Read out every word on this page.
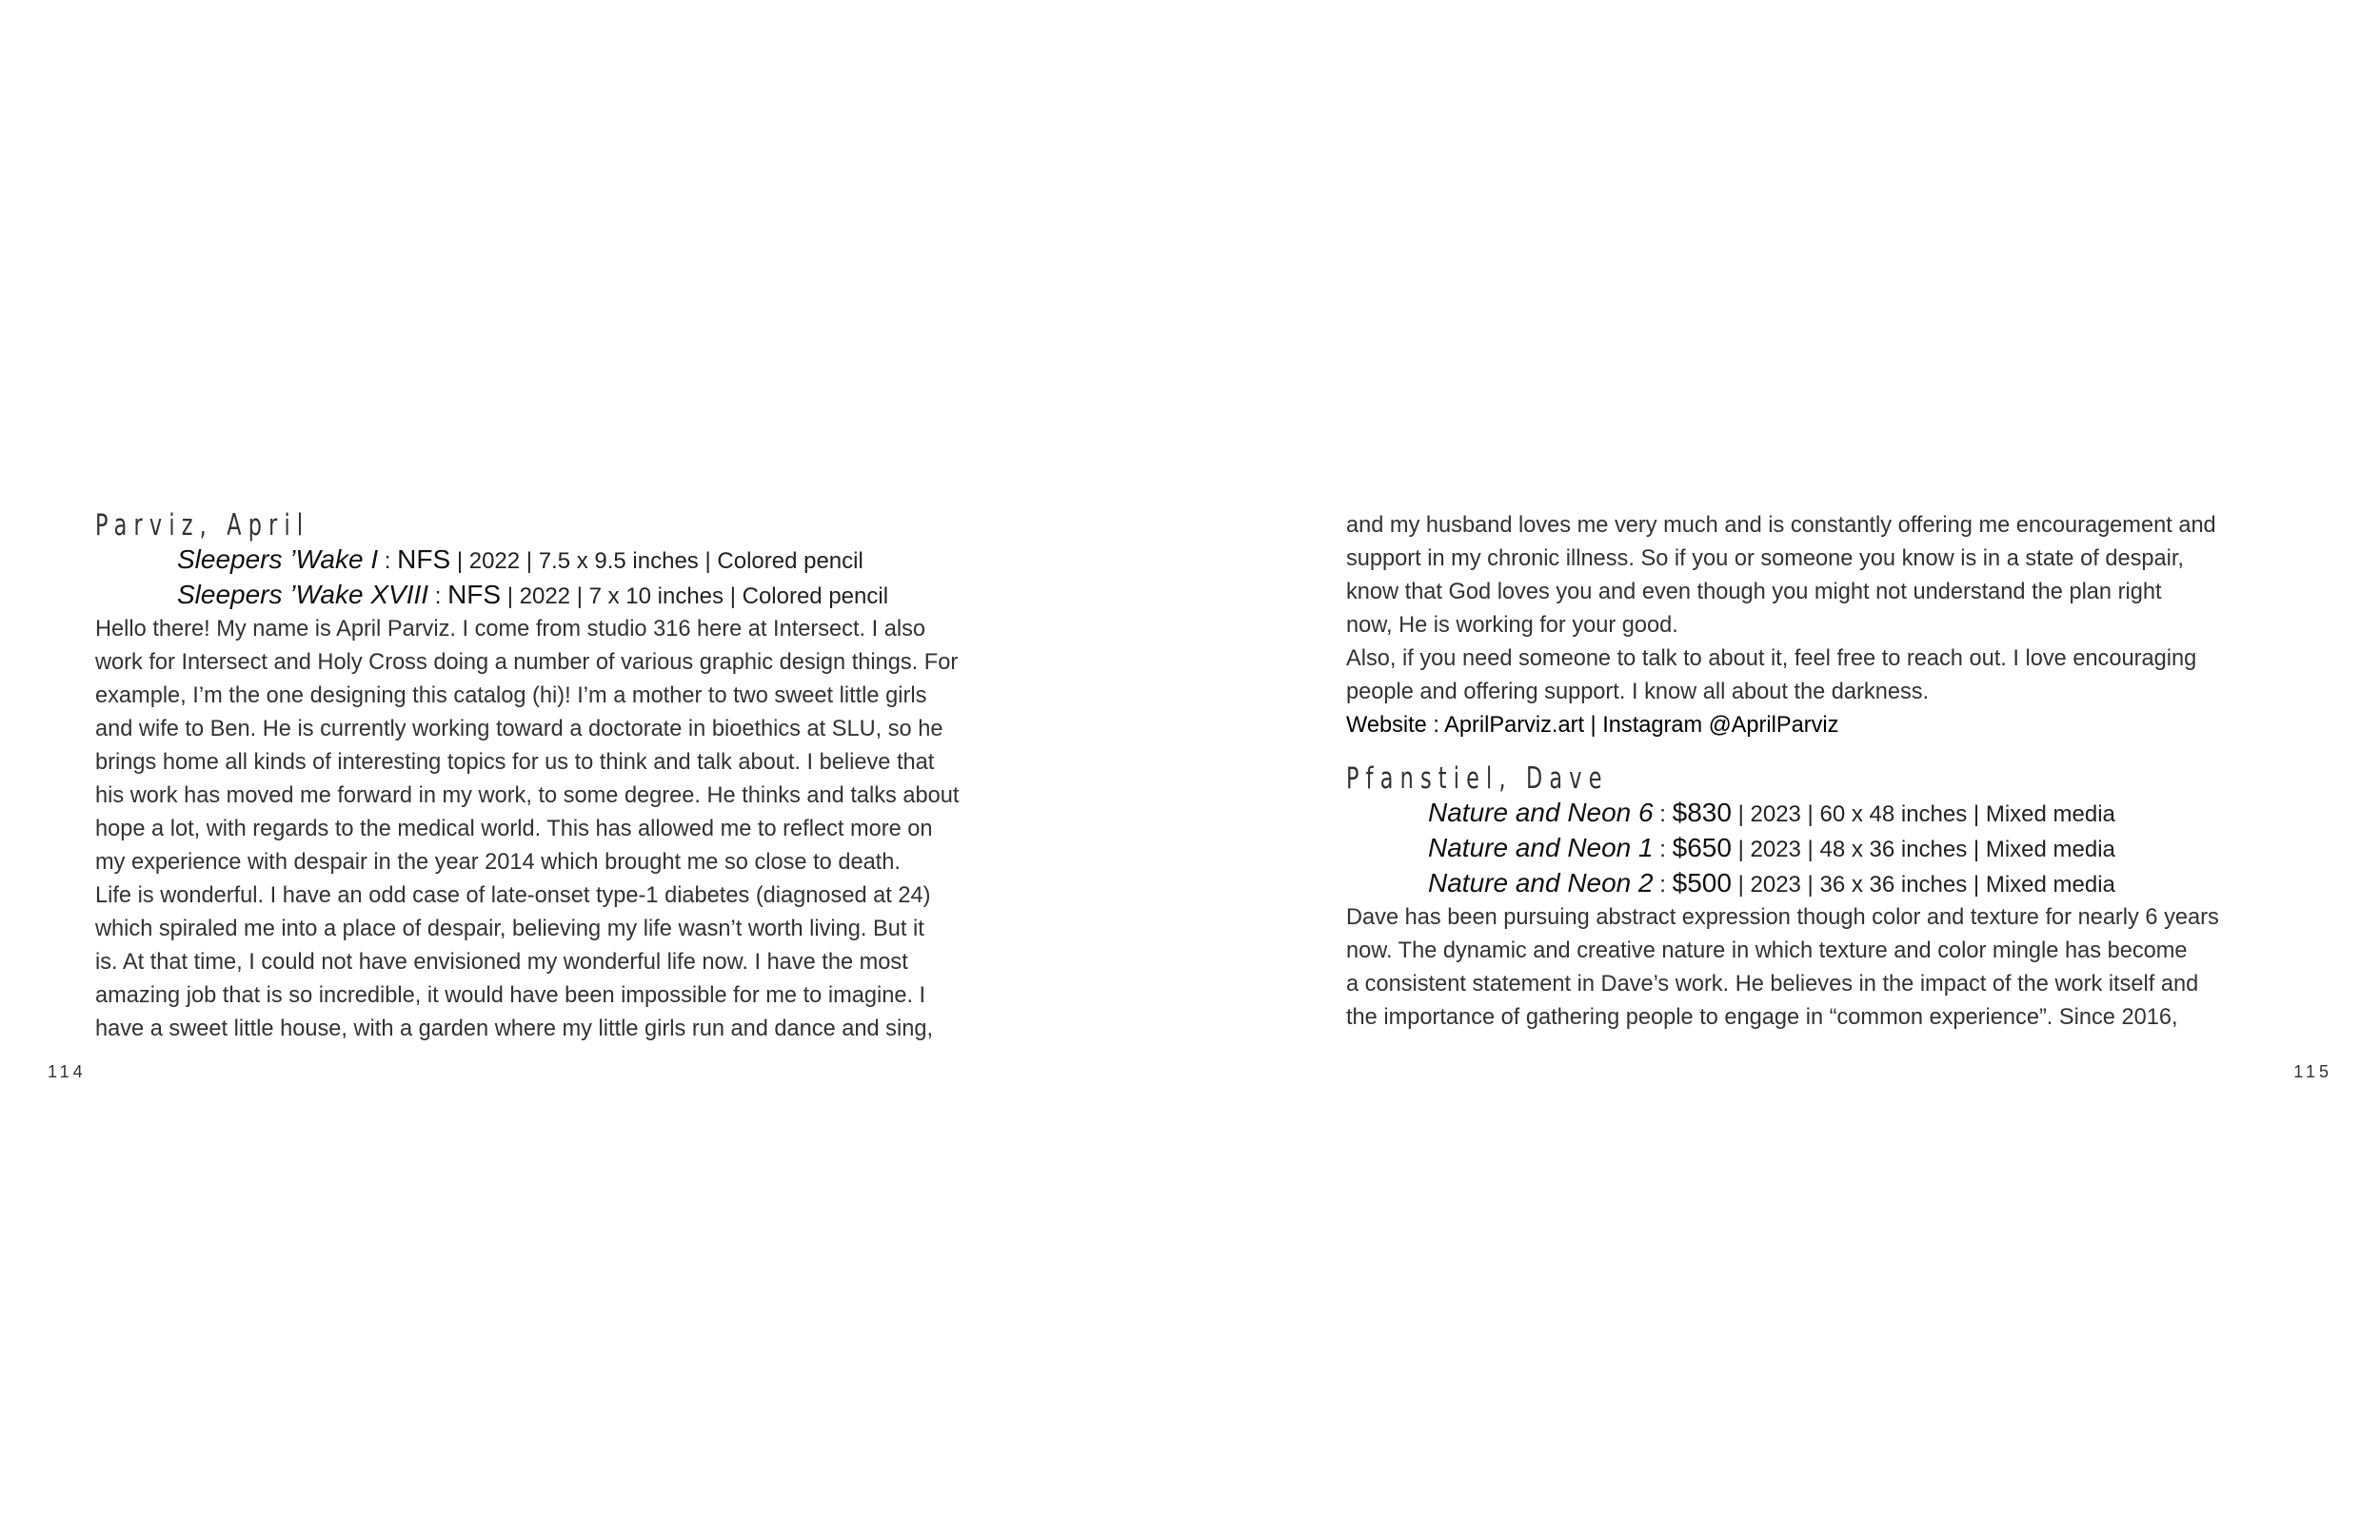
Parviz, April
Sleepers ’Wake I : NFS | 2022 | 7.5 x 9.5 inches | Colored pencil
Sleepers ’Wake XVIII : NFS | 2022 | 7 x 10 inches | Colored pencil

Hello there! My name is April Parviz. I come from studio 316 here at Intersect. I also

work for Intersect and Holy Cross doing a number of various graphic design things. For

example, I’m the one designing this catalog (hi)! I’m a mother to two sweet little girls

and wife to Ben. He is currently working toward a doctorate in bioethics at SLU, so he

brings home all kinds of interesting topics for us to think and talk about. I believe that

his work has moved me forward in my work, to some degree. He thinks and talks about

hope a lot, with regards to the medical world. This has allowed me to reflect more on

my experience with despair in the year 2014 which brought me so close to death.

Life is wonderful. I have an odd case of late-onset type-1 diabetes (diagnosed at 24)

which spiraled me into a place of despair, believing my life wasn’t worth living. But it

is. At that time, I could not have envisioned my wonderful life now. I have the most

amazing job that is so incredible, it would have been impossible for me to imagine. I

have a sweet little house, with a garden where my little girls run and dance and sing,

114

and my husband loves me very much and is constantly offering me encouragement and

support in my chronic illness. So if you or someone you know is in a state of despair,

know that God loves you and even though you might not understand the plan right

now, He is working for your good.

Also, if you need someone to talk to about it, feel free to reach out. I love encouraging

people and offering support. I know all about the darkness.

Website : AprilParviz.art | Instagram @AprilParviz
Pfanstiel, Dave
Nature and Neon 6 : $830 | 2023 | 60 x 48 inches | Mixed media
Nature and Neon 1 : $650 | 2023 | 48 x 36 inches | Mixed media
Nature and Neon 2 : $500 | 2023 | 36 x 36 inches | Mixed media

Dave has been pursuing abstract expression though color and texture for nearly 6 years

now. The dynamic and creative nature in which texture and color mingle has become

a consistent statement in Dave’s work. He believes in the impact of the work itself and

the importance of gathering people to engage in “common experience”. Since 2016,

115
